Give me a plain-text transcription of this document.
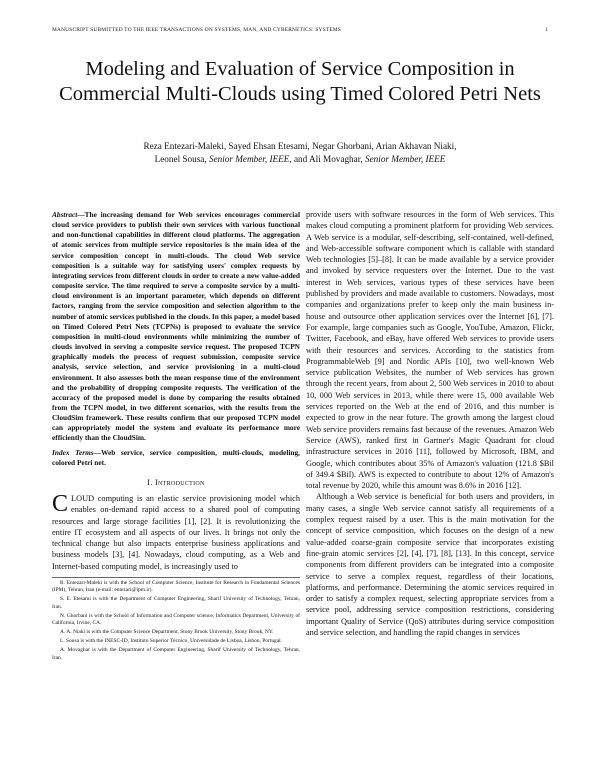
MANUSCRIPT SUBMITTED TO THE IEEE TRANSACTIONS ON SYSTEMS, MAN, AND CYBERNETICS: SYSTEMS	1
Modeling and Evaluation of Service Composition in Commercial Multi-Clouds using Timed Colored Petri Nets
Reza Entezari-Maleki, Sayed Ehsan Etesami, Negar Ghorbani, Arian Akhavan Niaki,
Leonel Sousa, Senior Member, IEEE, and Ali Movaghar, Senior Member, IEEE
Abstract—The increasing demand for Web services encourages commercial cloud service providers to publish their own services with various functional and non-functional capabilities in different cloud platforms. The aggregation of atomic services from multiple service repositories is the main idea of the service composition concept in multi-clouds. The cloud Web service composition is a suitable way for satisfying users' complex requests by integrating services from different clouds in order to create a new value-added composite service. The time required to serve a composite service by a multi-cloud environment is an important parameter, which depends on different factors, ranging from the service composition and selection algorithm to the number of atomic services published in the clouds. In this paper, a model based on Timed Colored Petri Nets (TCPNs) is proposed to evaluate the service composition in multi-cloud environments while minimizing the number of clouds involved in serving a composite service request. The proposed TCPN graphically models the process of request submission, composite service analysis, service selection, and service provisioning in a multi-cloud environment. It also assesses both the mean response time of the environment and the probability of dropping composite requests. The verification of the accuracy of the proposed model is done by comparing the results obtained from the TCPN model, in two different scenarios, with the results from the CloudSim framework. These results confirm that our proposed TCPN model can appropriately model the system and evaluate its performance more efficiently than the CloudSim.
Index Terms—Web service, service composition, multi-clouds, modeling, colored Petri net.
I. Introduction

CLOUD computing is an elastic service provisioning model which enables on-demand rapid access to a shared pool of computing resources and large storage facilities [1], [2]. It is revolutionizing the entire IT ecosystem and all aspects of our lives. It brings not only the technical change but also impacts enterprise business applications and business models [3], [4]. Nowadays, cloud computing, as a Web and Internet-based computing model, is increasingly used to

R. Entezari-Maleki is with the School of Computer Science, Institute for Research in Fundamental Sciences (IPM), Tehran, Iran (e-mail: entezari@ipm.ir).

S. E. Etesami is with the Department of Computer Engineering, Sharif University of Technology, Tehran, Iran.

N. Ghorbani is with the School of Information and Computer science, Informatics Department, University of California, Irvine, CA.

A. A. Niaki is with the Computer Science Department, Stony Brook University, Stony Brook, NY.

L. Sousa is with the INESC-ID, Instituto Superior Técnico, Universidade de Lisboa, Lisbon, Portugal.

A. Movaghar is with the Department of Computer Engineering, Sharif University of Technology, Tehran, Iran.

provide users with software resources in the form of Web services. This makes cloud computing a prominent platform for providing Web services. A Web service is a modular, self-describing, self-contained, well-defined, and Web-accessible software component which is callable with standard Web technologies [5]–[8]. It can be made available by a service provider and invoked by service requesters over the Internet. Due to the vast interest in Web services, various types of these services have been published by providers and made available to customers. Nowadays, most companies and organizations prefer to keep only the main business in-house and outsource other application services over the Internet [6], [7]. For example, large companies such as Google, YouTube, Amazon, Flickr, Twitter, Facebook, and eBay, have offered Web services to provide users with their resources and services. According to the statistics from ProgrammableWeb [9] and Nordic APIs [10], two well-known Web service publication Websites, the number of Web services has grown through the recent years, from about 2, 500 Web services in 2010 to about 10, 000 Web services in 2013, while there were 15, 000 available Web services reported on the Web at the end of 2016, and this number is expected to grow in the near future. The growth among the largest cloud Web service providers remains fast because of the revenues. Amazon Web Service (AWS), ranked first in Gartner's Magic Quadrant for cloud infrastructure services in 2016 [11], followed by Microsoft, IBM, and Google, which contributes about 35% of Amazon's valuation (121.8 $Bil of 349.4 $Bil). AWS is expected to contribute to about 12% of Amazon's total revenue by 2020, while this amount was 8.6% in 2016 [12].

Although a Web service is beneficial for both users and providers, in many cases, a single Web service cannot satisfy all requirements of a complex request raised by a user. This is the main motivation for the concept of service composition, which focuses on the design of a new value-added coarse-grain composite service that incorporates existing fine-grain atomic services [2], [4], [7], [8], [13]. In this concept, service components from different providers can be integrated into a composite service to serve a complex request, regardless of their locations, platforms, and performance. Determining the atomic services required in order to satisfy a complex request, selecting appropriate services from a service pool, addressing service composition restrictions, considering important Quality of Service (QoS) attributes during service composition and service selection, and handling the rapid changes in services
